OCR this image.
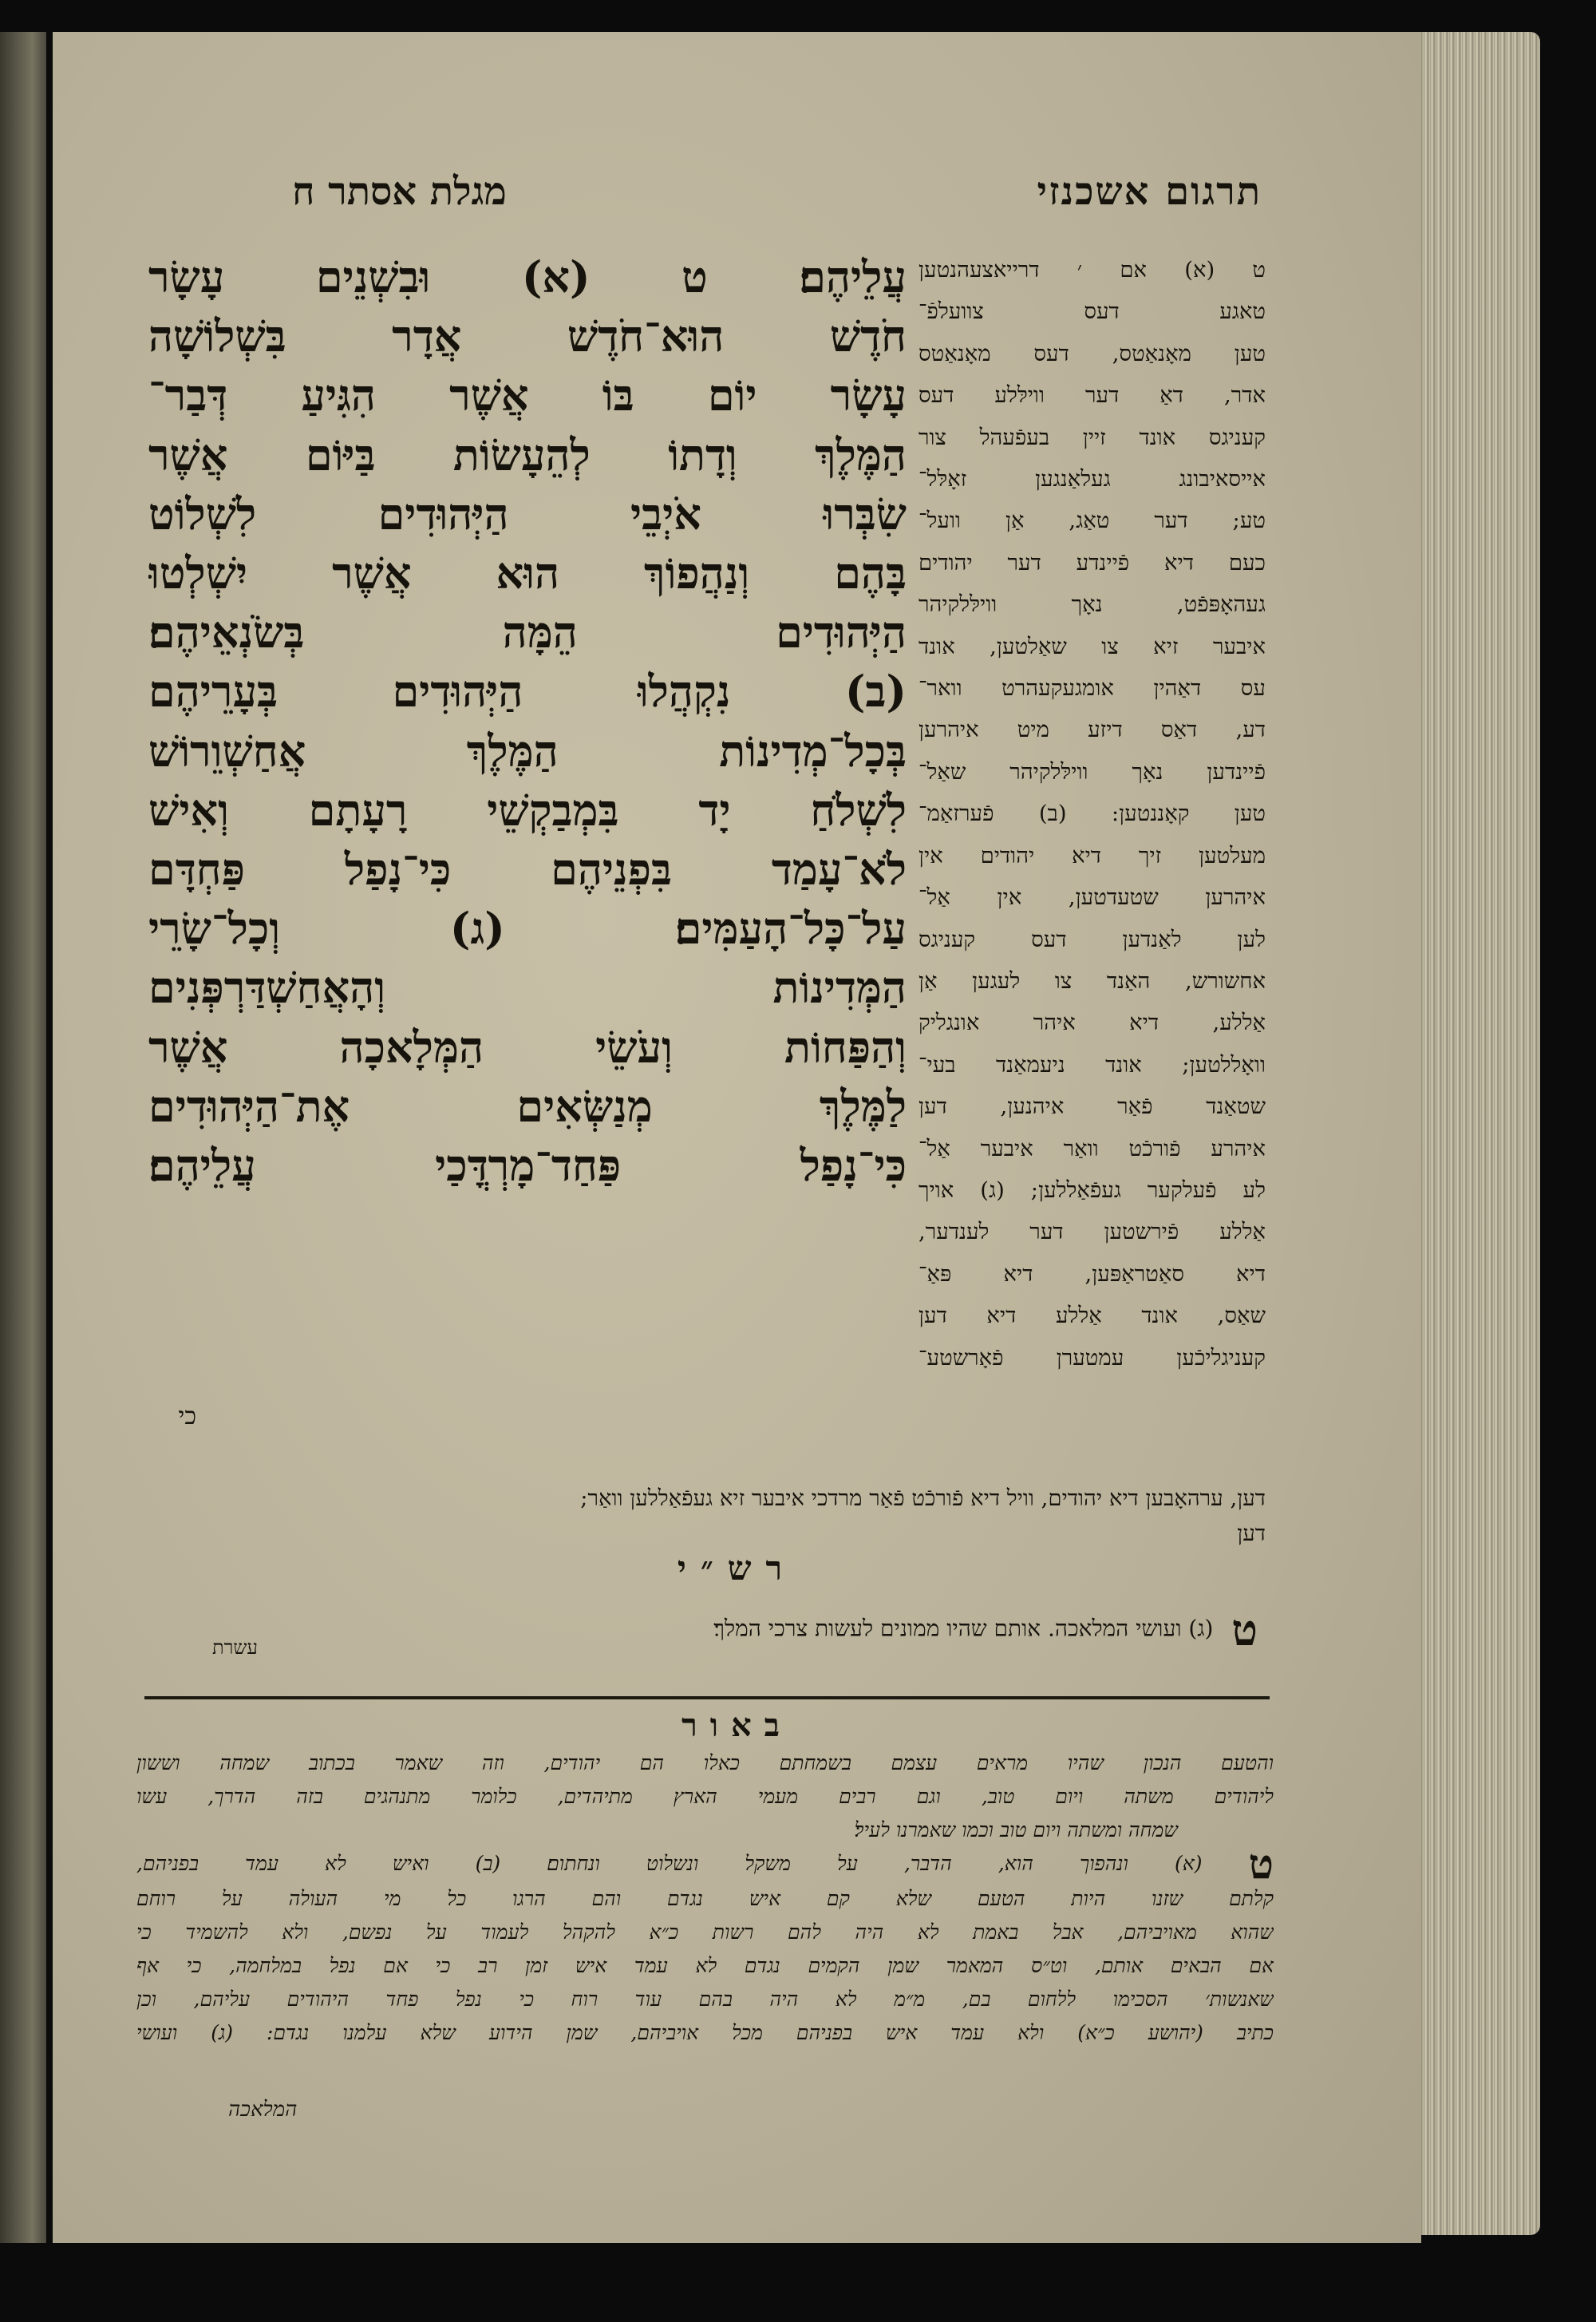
תרגום אשכנזי
מגלת אסתר ח
עֲלֵיהֶם׃ ט (א) וּבִשְׁנֵים עָשָׂר
חֹדֶשׁ הוּא־חֹדֶשׁ אֲדָר בִּשְׁלוֹשָׁה
עָשָׂר יוֹם בּוֹ אֲשֶׁר הִגִּיעַ דְּבַר־
הַמֶּלֶךְ וְדָתוֹ לְהֵעָשׂוֹת בַּיּוֹם אֲשֶׁר
שִׂבְּרוּ אֹיְבֵי הַיְּהוּדִים לִשְׁלוֹט
בָּהֶם וְנַהֲפוֹךְ הוּא אֲשֶׁר יִשְׁלְטוּ
הַיְּהוּדִים הֵמָּה בְּשֹׂנְאֵיהֶם׃
(ב) נִקְהֲלוּ הַיְּהוּדִים בְּעָרֵיהֶם
בְּכָל־מְדִינוֹת הַמֶּלֶךְ אֲחַשְׁוֵרוֹשׁ
לִשְׁלֹחַ יָד בִּמְבַקְשֵׁי רָעָתָם וְאִישׁ
לֹא־עָמַד בִּפְנֵיהֶם כִּי־נָפַל פַּחְדָּם
עַל־כָּל־הָעַמִּים׃ (ג) וְכָל־שָׂרֵי
הַמְּדִינוֹת וְהָאֲחַשְׁדַּרְפְּנִים
וְהַפַּחוֹת וְעֹשֵׂי הַמְּלָאכָה אֲשֶׁר
לַמֶּלֶךְ מְנַשְּׂאִים אֶת־הַיְּהוּדִים
כִּי־נָפַל פַּחַד־מָרְדֳּכַי עֲלֵיהֶם׃
כי
ט (א) אם ׳ דרייאצעהנטען
טאגע דעס צוועלפֿ־
טען מאָנאַטס, דעס מאָנאַטס
אדר, דאַ דער ווילּלע דעס
קעניגס אונד זיין בעפֿעהל צור
אייסאיבונג געלאַנגען זאָלּל־
טע; דער טאַג, אַן וועל־
כעם דיא פֿיינדע דער יהודים
געהאָפּפֿט, נאָך ווילּלקיהר
איבער זיא צו שאַלטען, אונד
עס דאַהין אומגעקעהרט וואר־
דע, דאַס דיזע מיט איהרען
פֿיינדען נאָך ווילּלקיהר שאַל־
טען קאָננטען: (ב) פֿערזאַמ־
מעלטען זיך דיא יהודים אין
איהרען שטעדטען, אין אַל־
לען לאַנדען דעס קעניגס
אחשורש, האַנד צו לעגען אַן
אַללע, דיא איהר אונגליק
וואָללטען; אונד ניעמאַנד בעי־
שטאַנד פֿאַר איהנען, דען
איהרע פֿורכֿט וואַר איבער אַל־
לע פֿעלקער געפֿאַללען; (ג) אויך
אַללע פֿירשטען דער לענדער,
דיא סאַטראַפּען, דיא פּאַ־
שאַס, אונד אַללע דיא דען
קעניגליכֿען עמטערן פֿאָרשטע־
דען, ערהאָבען דיא יהודים, וויל דיא פֿורכֿט פֿאַר מרדכי איבער זיא געפֿאַללען וואַר;
דען
רש״י
ט (ג) ועושי המלאכה. אותם שהיו ממונים לעשות צרכי המלך׃
עשרת
באור
והטעם הנכון שהיו מראים עצמם בשמחתם כאלו הם יהודים, וזה שאמר בכתוב שמחה וששון
ליהודים משתה ויום טוב, וגם רבים מעמי הארץ מתיהדים, כלומר מתנהגים בזה הדרך, עשו
שמחה ומשתה ויום טוב וכמו שאמרנו לעיל׃
ט (א) ונהפוך הוא, הדבר, על משקל ונשלוט ונחתום׃ (ב) ואיש לא עמד בפניהם,
קלתם שזנו היות הטעם שלא קם איש נגדם והם הרגו כל מי העולה על רוחם
שהוא מאויביהם, אבל באמת לא היה להם רשות כ״א להקהל לעמוד על נפשם, ולא להשמיד כי
אם הבאים אותם, וט״ס המאמר שמן הקמים נגדם לא עמד איש זמן רב כי אם נפל במלחמה, כי אף
שאנשות׳ הסכימו ללחום בם, מ״מ לא היה בהם עוד רוח כי נפל פחד היהודים עליהם, וכן
כתיב (יהושע כ״א) ולא עמד איש בפניהם מכל אויביהם, שמן הידוע שלא עלמנו נגדם: (ג) ועושי
המלאכה
